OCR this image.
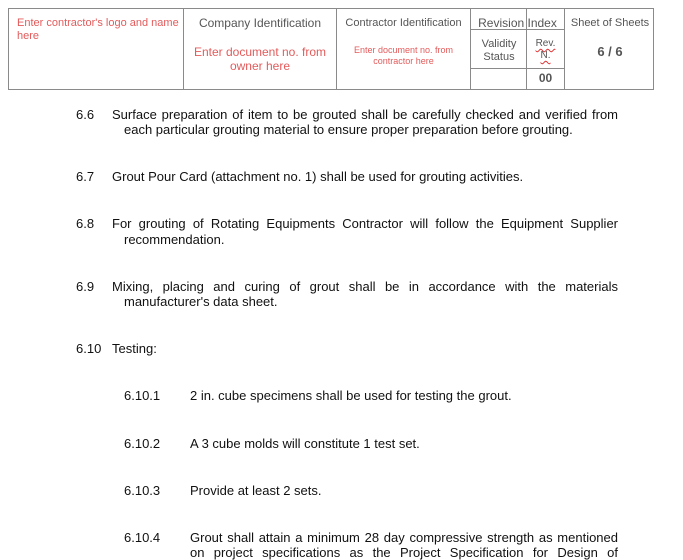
Enter contractor's logo and name here
Company Identification
Enter document no. from owner here
Contractor Identification
Enter document no. from contractor here
Revision Index
Validity Status
Rev.
N.
00
Sheet of Sheets
6 / 6
6.6 Surface preparation of item to be grouted shall be carefully checked and verified from
each particular grouting material to ensure proper preparation before grouting.
6.7 Grout Pour Card (attachment no. 1) shall be used for grouting activities.
6.8 For grouting of Rotating Equipments Contractor will follow the Equipment Supplier
recommendation.
6.9 Mixing, placing and curing of grout shall be in accordance with the materials
manufacturer's data sheet.
6.10 Testing:
6.10.1 2 in. cube specimens shall be used for testing the grout.
6.10.2 A 3 cube molds will constitute 1 test set.
6.10.3 Provide at least 2 sets.
6.10.4 Grout shall attain a minimum 28 day compressive strength as mentioned
on project specifications as the Project Specification for Design of
